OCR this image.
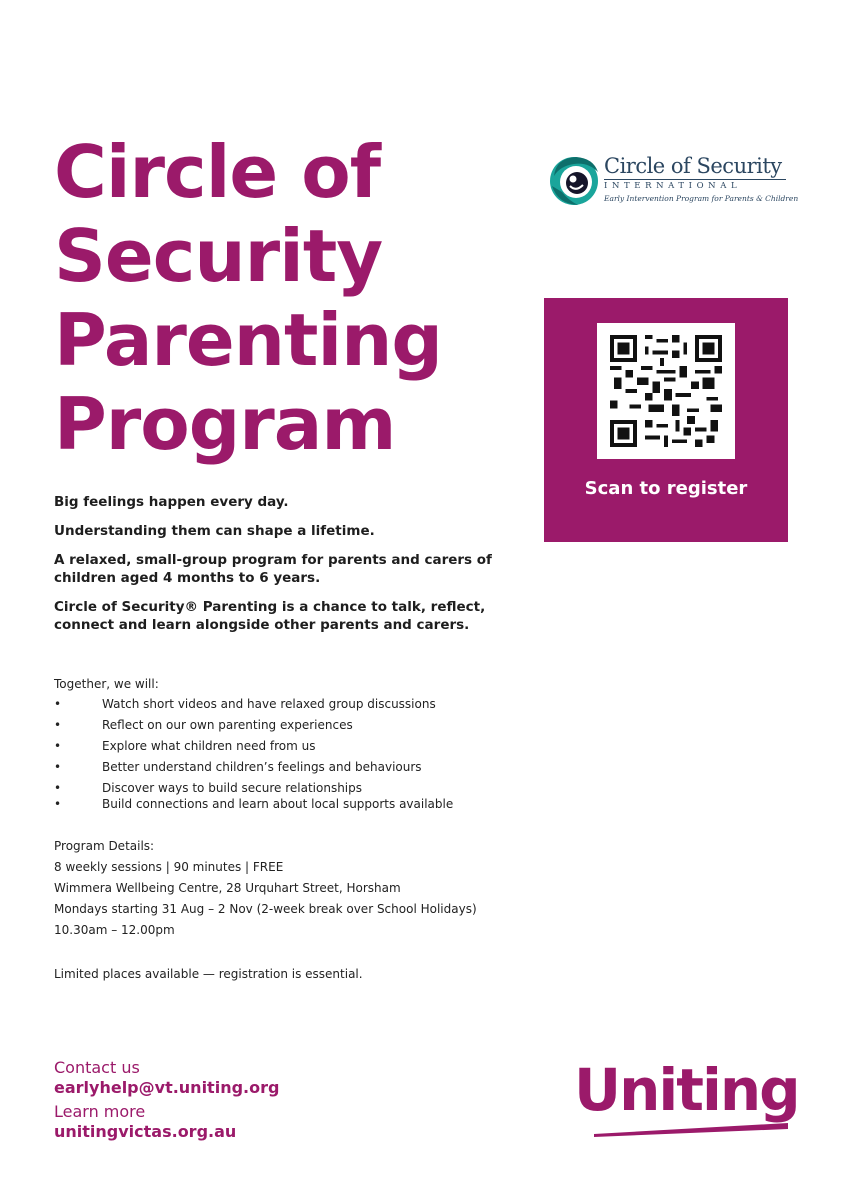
Circle of
Security
Parenting
Program
Circle of Security
INTERNATIONAL
Early Intervention Program for Parents & Children
Scan to register

Big feelings happen every day.

Understanding them can shape a lifetime.

A relaxed, small-group program for parents and carers of children aged 4 months to 6 years.

Circle of Security® Parenting is a chance to talk, reflect, connect and learn alongside other parents and carers.

Together, we will:

• Watch short videos and have relaxed group discussions
• Reflect on our own parenting experiences
• Explore what children need from us
• Better understand children’s feelings and behaviours
• Discover ways to build secure relationships
• Build connections and learn about local supports available
Program Details:
8 weekly sessions | 90 minutes | FREE
Wimmera Wellbeing Centre, 28 Urquhart Street, Horsham
Mondays starting 31 Aug – 2 Nov (2-week break over School Holidays)
10.30am – 12.00pm
Limited places available — registration is essential.
Contact us
earlyhelp@vt.uniting.org
Learn more
unitingvictas.org.au
Uniting
